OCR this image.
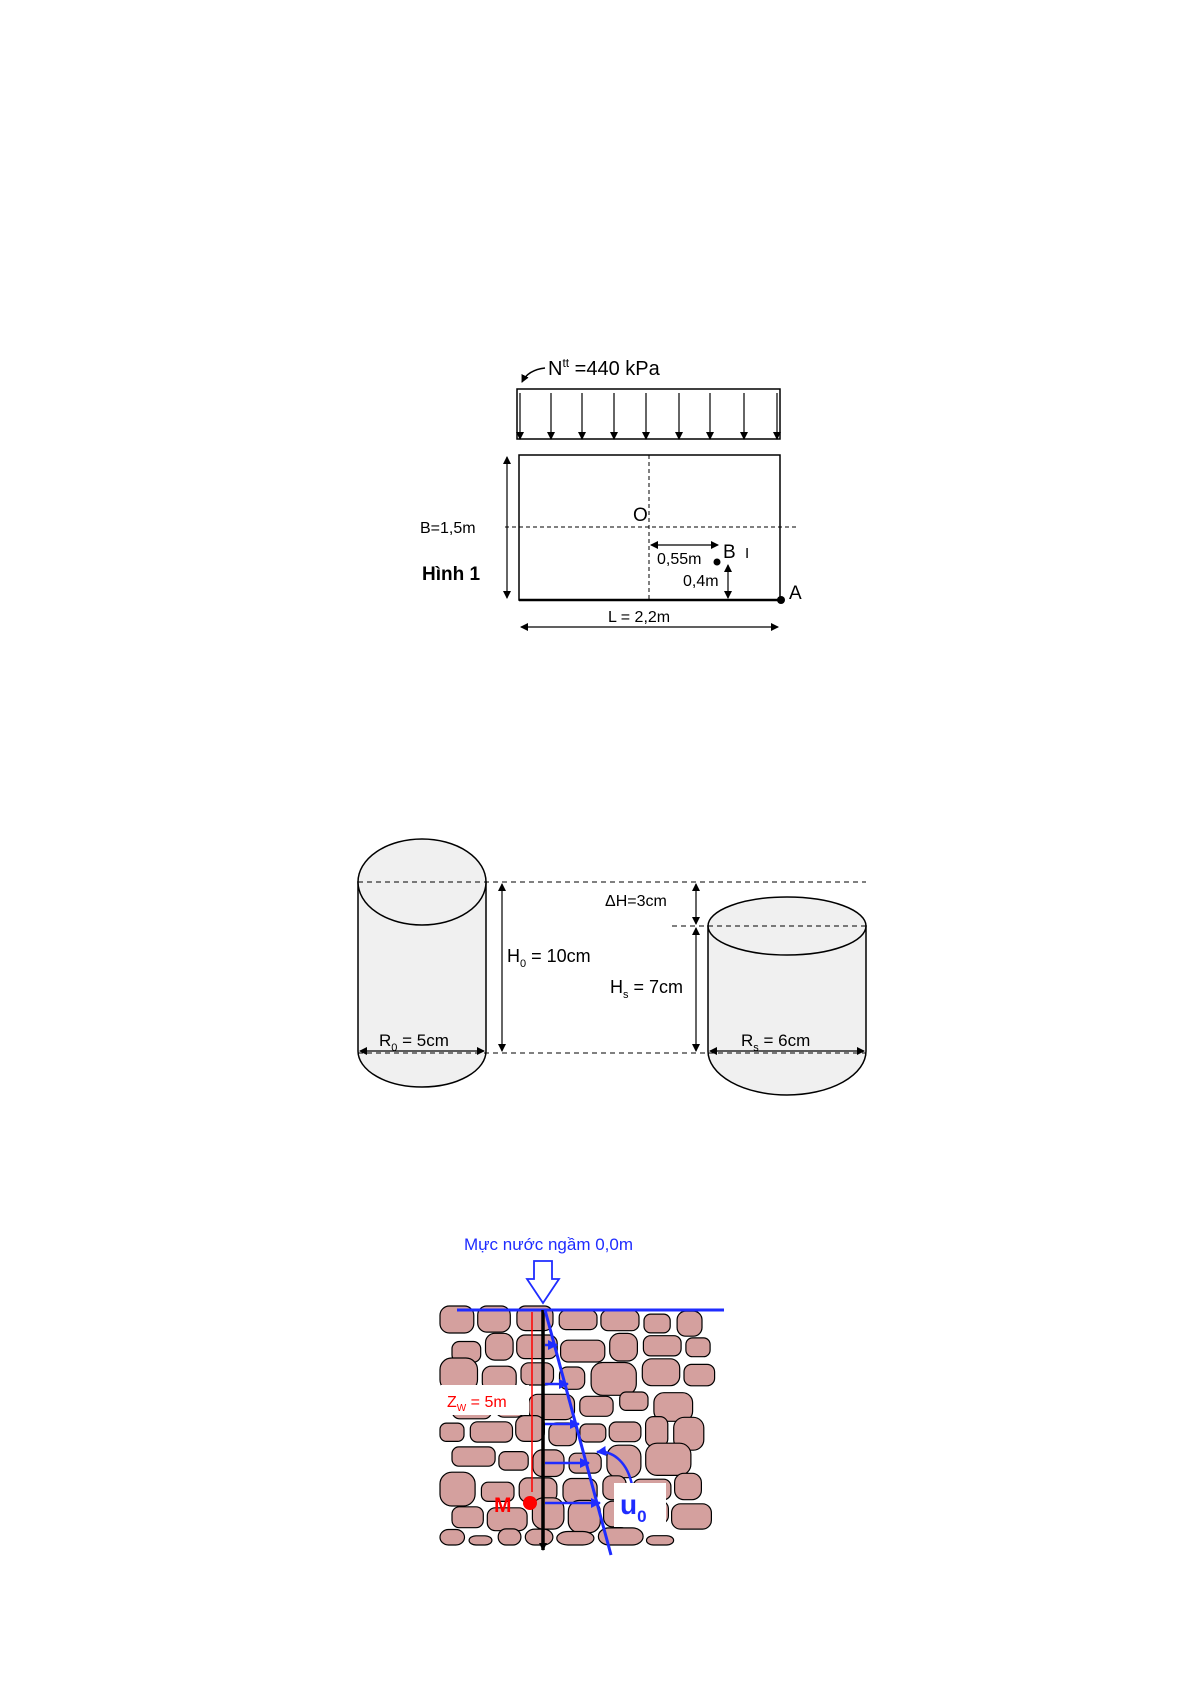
$N^{tt} =440$ kPa
B=1,5m
Hình 1
O
0,55m B I
0,4m
A
L = 2,2m
$H_0 = 10cm$
ΔH=3cm
$H_s = 7cm$
$R_0 = 5cm$	$R_s = 6cm$
Mực nước ngầm 0,0m
$Z_W = 5m$
M	$u_0$
